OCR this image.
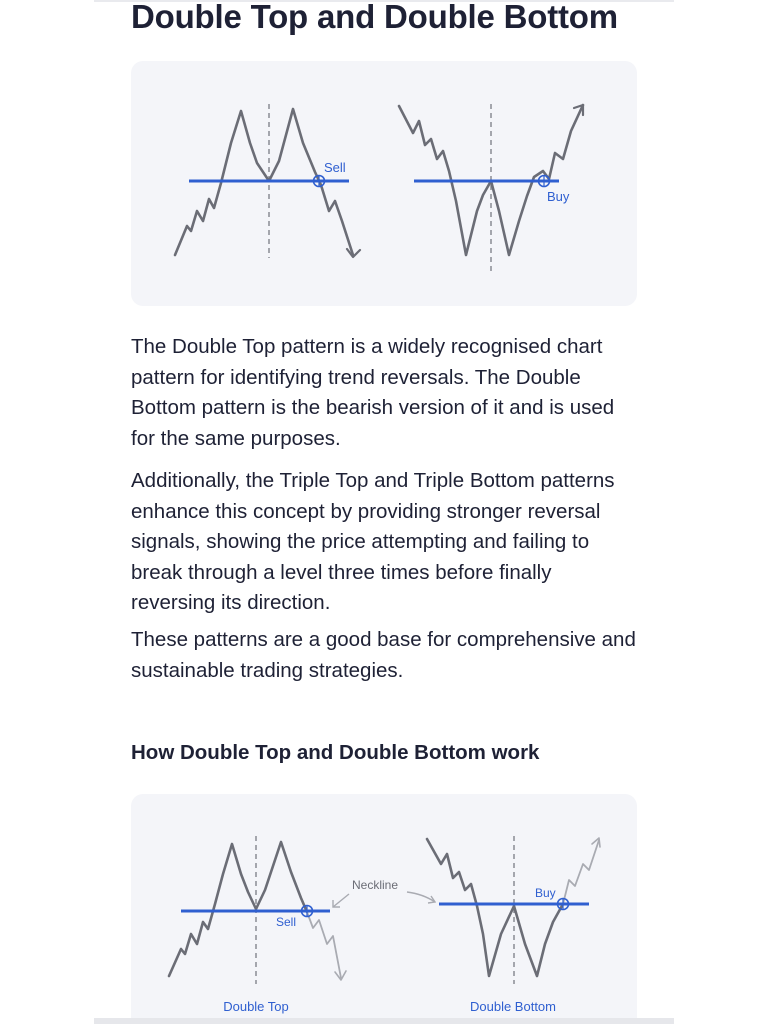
Double Top and Double Bottom
Sell
Buy

The Double Top pattern is a widely recognised chart pattern for identifying trend reversals. The Double Bottom pattern is the bearish version of it and is used for the same purposes.

Additionally, the Triple Top and Triple Bottom patterns enhance this concept by providing stronger reversal signals, showing the price attempting and failing to break through a level three times before finally reversing its direction.

These patterns are a good base for comprehensive and sustainable trading strategies.

How Double Top and Double Bottom work
Sell
Neckline
Buy
Double Top	Double Bottom
